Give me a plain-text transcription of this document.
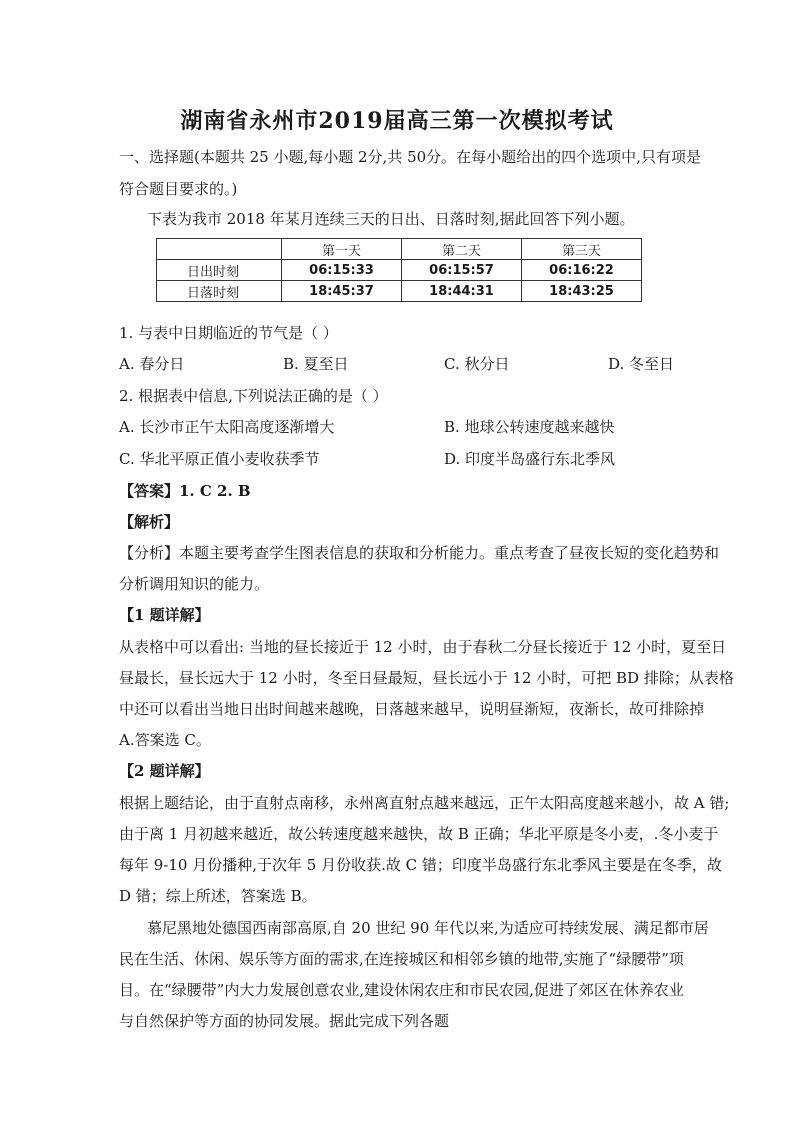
湖南省永州市2019届高三第一次模拟考试
一、选择题(本题共 25 小题,每小题 2分,共 50分。在每小题给出的四个选项中,只有项是
符合题目要求的。)
下表为我市 2018 年某月连续三天的日出、日落时刻,据此回答下列小题。
	第一天	第二天	第三天
日出时刻	06:15:33	06:15:57	06:16:22
日落时刻	18:45:37	18:44:31	18:43:25
1. 与表中日期临近的节气是（ ）
A. 春分日	B. 夏至日	C. 秋分日	D. 冬至日
2. 根据表中信息,下列说法正确的是（ ）
A. 长沙市正午太阳高度逐渐增大	B. 地球公转速度越来越快
C. 华北平原正值小麦收获季节	D. 印度半岛盛行东北季风
【答案】1. C 2. B
【解析】
【分析】本题主要考查学生图表信息的获取和分析能力。重点考查了昼夜长短的变化趋势和
分析调用知识的能力。
【1 题详解】
从表格中可以看出: 当地的昼长接近于 12 小时，由于春秋二分昼长接近于 12 小时，夏至日
昼最长，昼长远大于 12 小时，冬至日昼最短，昼长远小于 12 小时，可把 BD 排除；从表格
中还可以看出当地日出时间越来越晚，日落越来越早，说明昼渐短，夜渐长，故可排除掉
A.答案选 C。
【2 题详解】
根据上题结论，由于直射点南移，永州离直射点越来越远，正午太阳高度越来越小，故 A 错;
由于离 1 月初越来越近，故公转速度越来越快，故 B 正确；华北平原是冬小麦，.冬小麦于
每年 9-10 月份播种,于次年 5 月份收获.故 C 错；印度半岛盛行东北季风主要是在冬季，故
D 错；综上所述，答案选 B。
慕尼黑地处德国西南部高原,自 20 世纪 90 年代以来,为适应可持续发展、满足都市居
民在生活、休闲、娱乐等方面的需求,在连接城区和相邻乡镇的地带,实施了“绿腰带”项
目。在“绿腰带”内大力发展创意农业,建设休闲农庄和市民农园,促进了郊区在休养农业
与自然保护等方面的协同发展。据此完成下列各题
